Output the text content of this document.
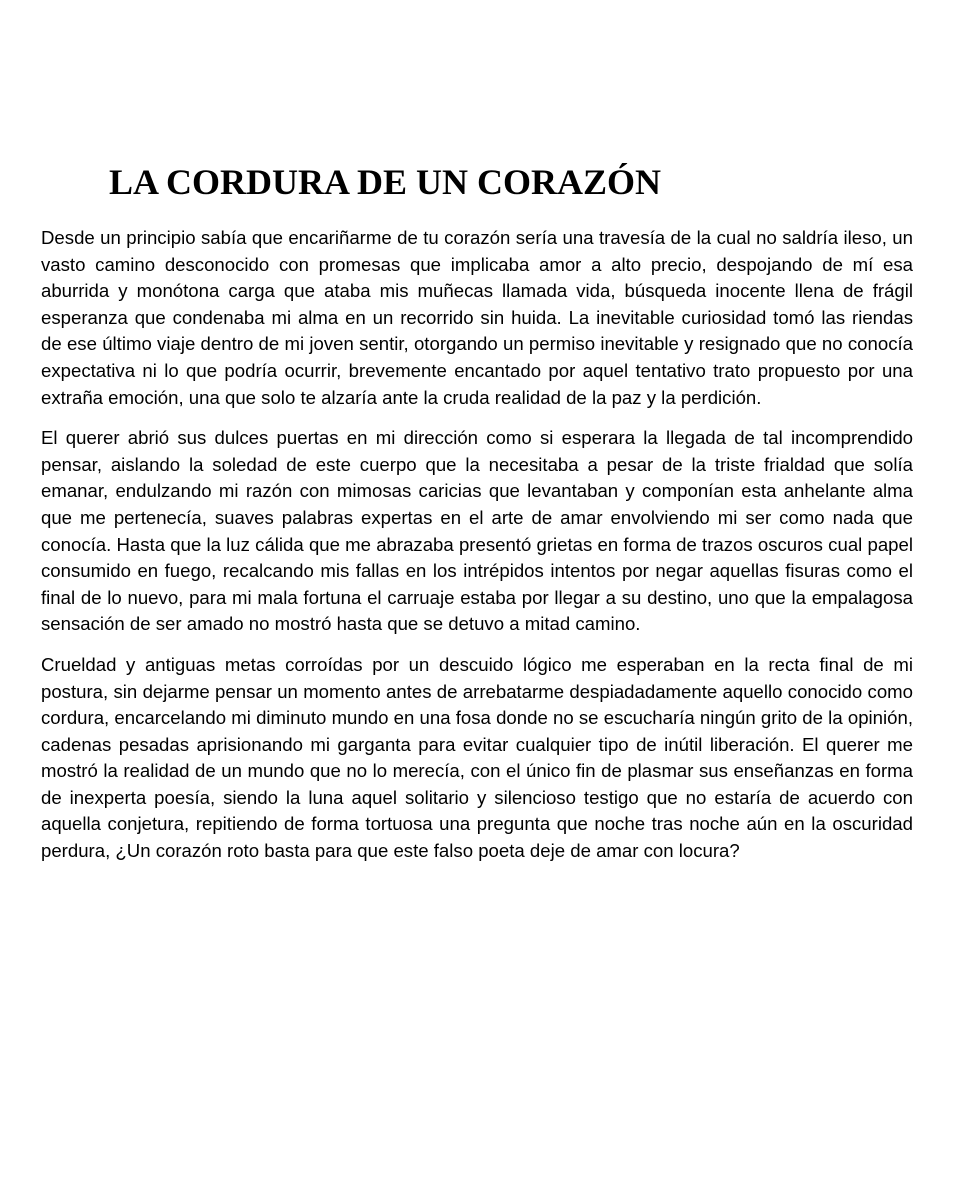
LA CORDURA DE UN CORAZÓN

Desde un principio sabía que encariñarme de tu corazón sería una travesía de la cual no saldría ileso, un vasto camino desconocido con promesas que implicaba amor a alto precio, despojando de mí esa aburrida y monótona carga que ataba mis muñecas llamada vida, búsqueda inocente llena de frágil esperanza que condenaba mi alma en un recorrido sin huida. La inevitable curiosidad tomó las riendas de ese último viaje dentro de mi joven sentir, otorgando un permiso inevitable y resignado que no conocía expectativa ni lo que podría ocurrir, brevemente encantado por aquel tentativo trato propuesto por una extraña emoción, una que solo te alzaría ante la cruda realidad de la paz y la perdición.

El querer abrió sus dulces puertas en mi dirección como si esperara la llegada de tal incomprendido pensar, aislando la soledad de este cuerpo que la necesitaba a pesar de la triste frialdad que solía emanar, endulzando mi razón con mimosas caricias que levantaban y componían esta anhelante alma que me pertenecía, suaves palabras expertas en el arte de amar envolviendo mi ser como nada que conocía. Hasta que la luz cálida que me abrazaba presentó grietas en forma de trazos oscuros cual papel consumido en fuego, recalcando mis fallas en los intrépidos intentos por negar aquellas fisuras como el final de lo nuevo, para mi mala fortuna el carruaje estaba por llegar a su destino, uno que la empalagosa sensación de ser amado no mostró hasta que se detuvo a mitad camino.

Crueldad y antiguas metas corroídas por un descuido lógico me esperaban en la recta final de mi postura, sin dejarme pensar un momento antes de arrebatarme despiadadamente aquello conocido como cordura, encarcelando mi diminuto mundo en una fosa donde no se escucharía ningún grito de la opinión, cadenas pesadas aprisionando mi garganta para evitar cualquier tipo de inútil liberación. El querer me mostró la realidad de un mundo que no lo merecía, con el único fin de plasmar sus enseñanzas en forma de inexperta poesía, siendo la luna aquel solitario y silencioso testigo que no estaría de acuerdo con aquella conjetura, repitiendo de forma tortuosa una pregunta que noche tras noche aún en la oscuridad perdura, ¿Un corazón roto basta para que este falso poeta deje de amar con locura?
